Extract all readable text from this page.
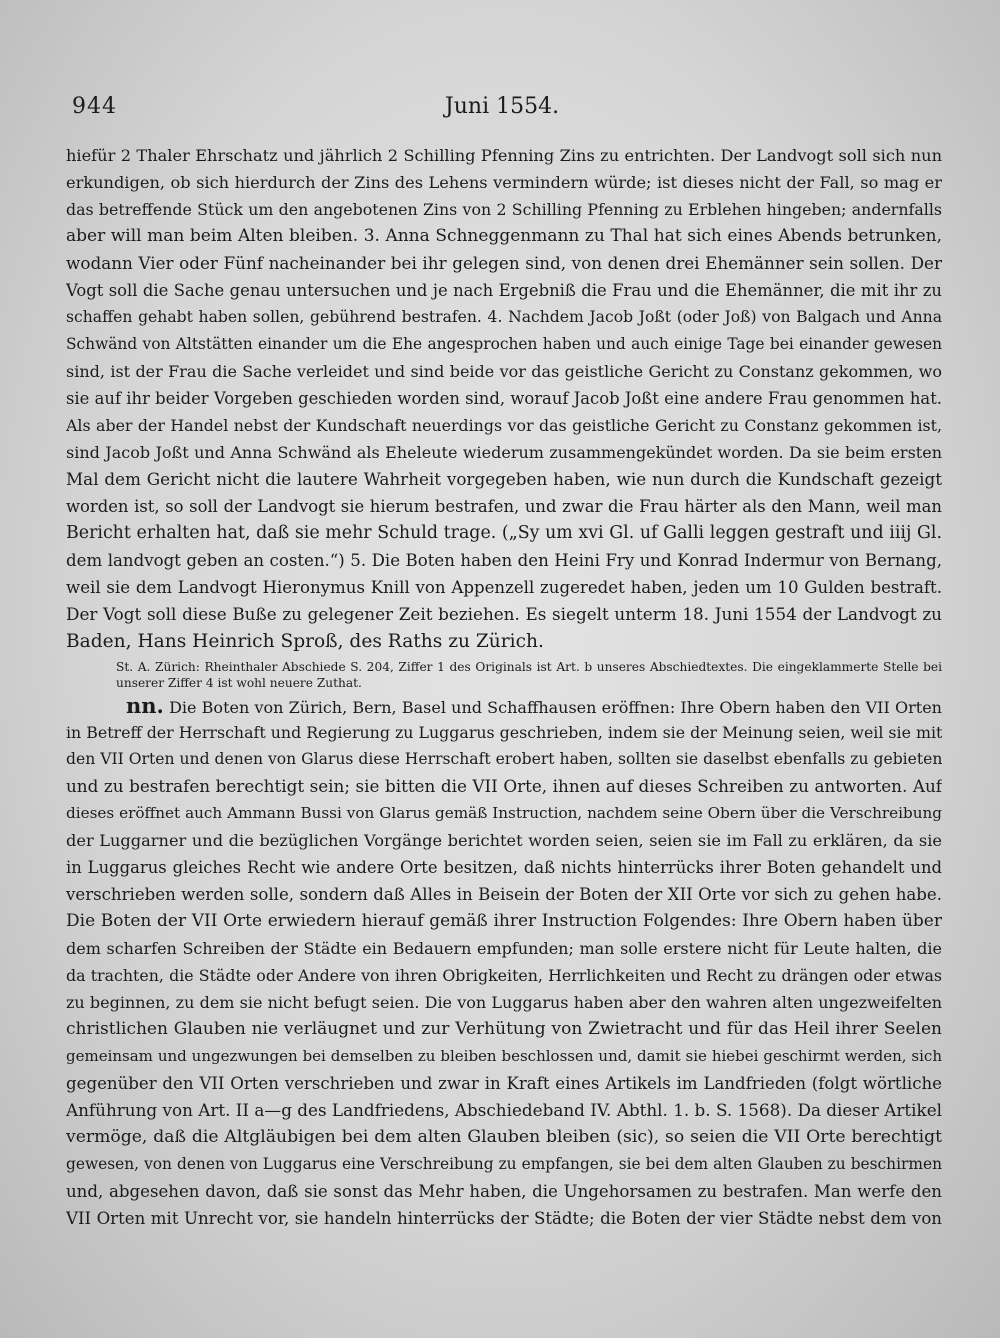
944	Juni 1554.
hiefür 2 Thaler Ehrschatz und jährlich 2 Schilling Pfenning Zins zu entrichten. Der Landvogt soll sich nun
erkundigen, ob sich hierdurch der Zins des Lehens vermindern würde; ist dieses nicht der Fall, so mag er
das betreffende Stück um den angebotenen Zins von 2 Schilling Pfenning zu Erblehen hingeben; andernfalls
aber will man beim Alten bleiben. 3. Anna Schneggenmann zu Thal hat sich eines Abends betrunken,
wodann Vier oder Fünf nacheinander bei ihr gelegen sind, von denen drei Ehemänner sein sollen. Der
Vogt soll die Sache genau untersuchen und je nach Ergebniß die Frau und die Ehemänner, die mit ihr zu
schaffen gehabt haben sollen, gebührend bestrafen. 4. Nachdem Jacob Joßt (oder Joß) von Balgach und Anna
Schwänd von Altstätten einander um die Ehe angesprochen haben und auch einige Tage bei einander gewesen
sind, ist der Frau die Sache verleidet und sind beide vor das geistliche Gericht zu Constanz gekommen, wo
sie auf ihr beider Vorgeben geschieden worden sind, worauf Jacob Joßt eine andere Frau genommen hat.
Als aber der Handel nebst der Kundschaft neuerdings vor das geistliche Gericht zu Constanz gekommen ist,
sind Jacob Joßt und Anna Schwänd als Eheleute wiederum zusammengekündet worden. Da sie beim ersten
Mal dem Gericht nicht die lautere Wahrheit vorgegeben haben, wie nun durch die Kundschaft gezeigt
worden ist, so soll der Landvogt sie hierum bestrafen, und zwar die Frau härter als den Mann, weil man
Bericht erhalten hat, daß sie mehr Schuld trage. („Sy um xvi Gl. uf Galli leggen gestraft und iiij Gl.
dem landvogt geben an costen.“) 5. Die Boten haben den Heini Fry und Konrad Indermur von Bernang,
weil sie dem Landvogt Hieronymus Knill von Appenzell zugeredet haben, jeden um 10 Gulden bestraft.
Der Vogt soll diese Buße zu gelegener Zeit beziehen. Es siegelt unterm 18. Juni 1554 der Landvogt zu
Baden, Hans Heinrich Sproß, des Raths zu Zürich.
St. A. Zürich: Rheinthaler Abschiede S. 204, Ziffer 1 des Originals ist Art. b unseres Abschiedtextes. Die eingeklammerte Stelle bei
unserer Ziffer 4 ist wohl neuere Zuthat.
nn. Die Boten von Zürich, Bern, Basel und Schaffhausen eröffnen: Ihre Obern haben den VII Orten
in Betreff der Herrschaft und Regierung zu Luggarus geschrieben, indem sie der Meinung seien, weil sie mit
den VII Orten und denen von Glarus diese Herrschaft erobert haben, sollten sie daselbst ebenfalls zu gebieten
und zu bestrafen berechtigt sein; sie bitten die VII Orte, ihnen auf dieses Schreiben zu antworten. Auf
dieses eröffnet auch Ammann Bussi von Glarus gemäß Instruction, nachdem seine Obern über die Verschreibung
der Luggarner und die bezüglichen Vorgänge berichtet worden seien, seien sie im Fall zu erklären, da sie
in Luggarus gleiches Recht wie andere Orte besitzen, daß nichts hinterrücks ihrer Boten gehandelt und
verschrieben werden solle, sondern daß Alles in Beisein der Boten der XII Orte vor sich zu gehen habe.
Die Boten der VII Orte erwiedern hierauf gemäß ihrer Instruction Folgendes: Ihre Obern haben über
dem scharfen Schreiben der Städte ein Bedauern empfunden; man solle erstere nicht für Leute halten, die
da trachten, die Städte oder Andere von ihren Obrigkeiten, Herrlichkeiten und Recht zu drängen oder etwas
zu beginnen, zu dem sie nicht befugt seien. Die von Luggarus haben aber den wahren alten ungezweifelten
christlichen Glauben nie verläugnet und zur Verhütung von Zwietracht und für das Heil ihrer Seelen
gemeinsam und ungezwungen bei demselben zu bleiben beschlossen und, damit sie hiebei geschirmt werden, sich
gegenüber den VII Orten verschrieben und zwar in Kraft eines Artikels im Landfrieden (folgt wörtliche
Anführung von Art. II a—g des Landfriedens, Abschiedeband IV. Abthl. 1. b. S. 1568). Da dieser Artikel
vermöge, daß die Altgläubigen bei dem alten Glauben bleiben (sic), so seien die VII Orte berechtigt
gewesen, von denen von Luggarus eine Verschreibung zu empfangen, sie bei dem alten Glauben zu beschirmen
und, abgesehen davon, daß sie sonst das Mehr haben, die Ungehorsamen zu bestrafen. Man werfe den
VII Orten mit Unrecht vor, sie handeln hinterrücks der Städte; die Boten der vier Städte nebst dem von
